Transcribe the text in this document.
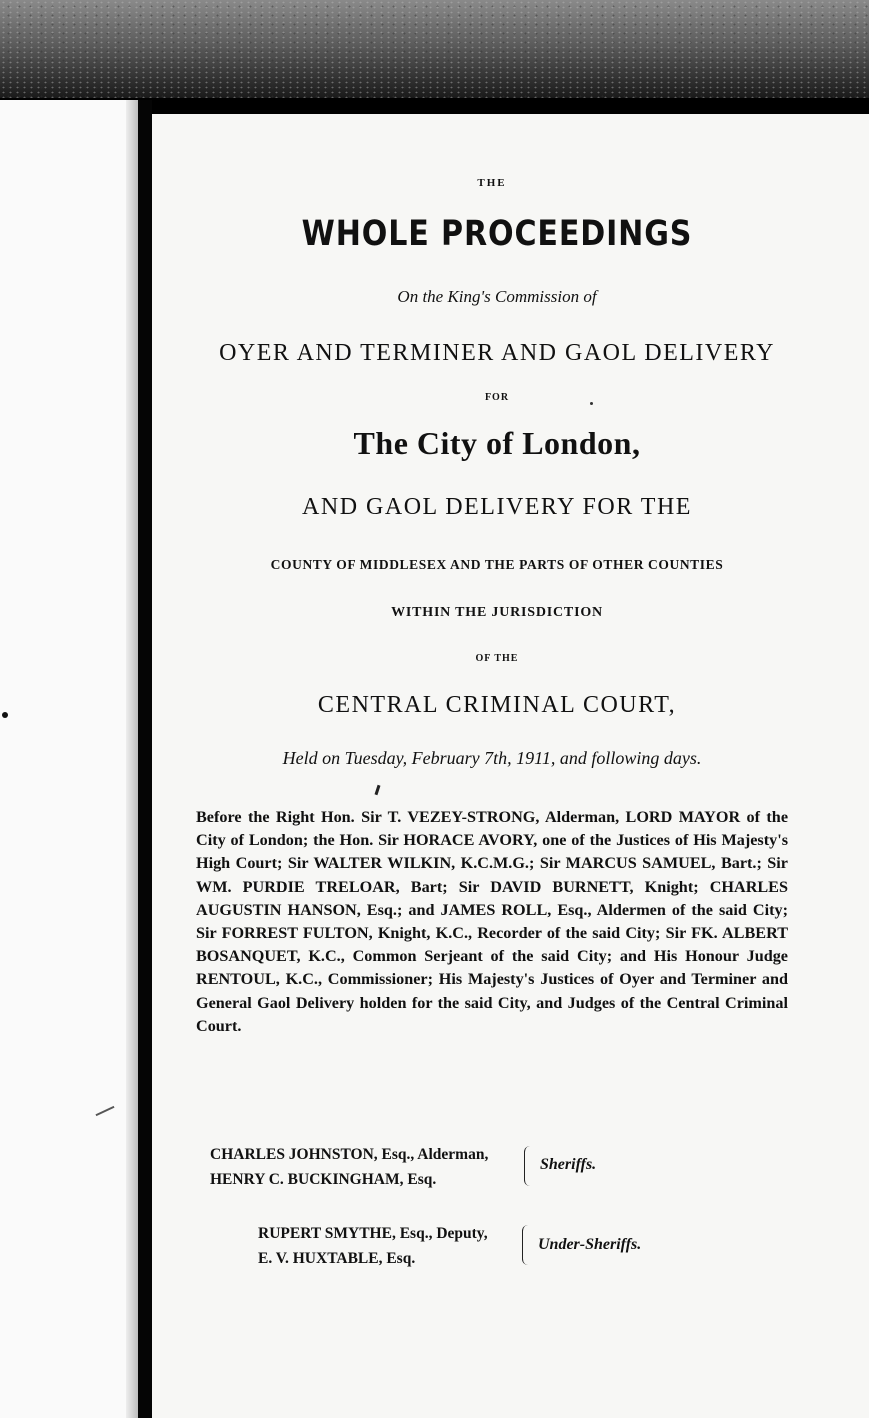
THE
WHOLE PROCEEDINGS
On the King's Commission of
OYER AND TERMINER AND GAOL DELIVERY
FOR
The City of London,
AND GAOL DELIVERY FOR THE
COUNTY OF MIDDLESEX AND THE PARTS OF OTHER COUNTIES
WITHIN THE JURISDICTION
OF THE
CENTRAL CRIMINAL COURT,
Held on Tuesday, February 7th, 1911, and following days.
Before the Right Hon. Sir T. VEZEY-STRONG, Alderman, LORD MAYOR of the City of London; the Hon. Sir HORACE AVORY, one of the Justices of His Majesty's High Court; Sir WALTER WILKIN, K.C.M.G.; Sir MARCUS SAMUEL, Bart.; Sir WM. PURDIE TRELOAR, Bart; Sir DAVID BURNETT, Knight; CHARLES AUGUSTIN HANSON, Esq.; and JAMES ROLL, Esq., Aldermen of the said City; Sir FORREST FULTON, Knight, K.C., Recorder of the said City; Sir FK. ALBERT BOSANQUET, K.C., Common Serjeant of the said City; and His Honour Judge RENTOUL, K.C., Commissioner; His Majesty's Justices of Oyer and Terminer and General Gaol Delivery holden for the said City, and Judges of the Central Criminal Court.
CHARLES JOHNSTON, Esq., Alderman,
HENRY C. BUCKINGHAM, Esq.
Sheriffs.
RUPERT SMYTHE, Esq., Deputy,
E. V. HUXTABLE, Esq.
Under-Sheriffs.
